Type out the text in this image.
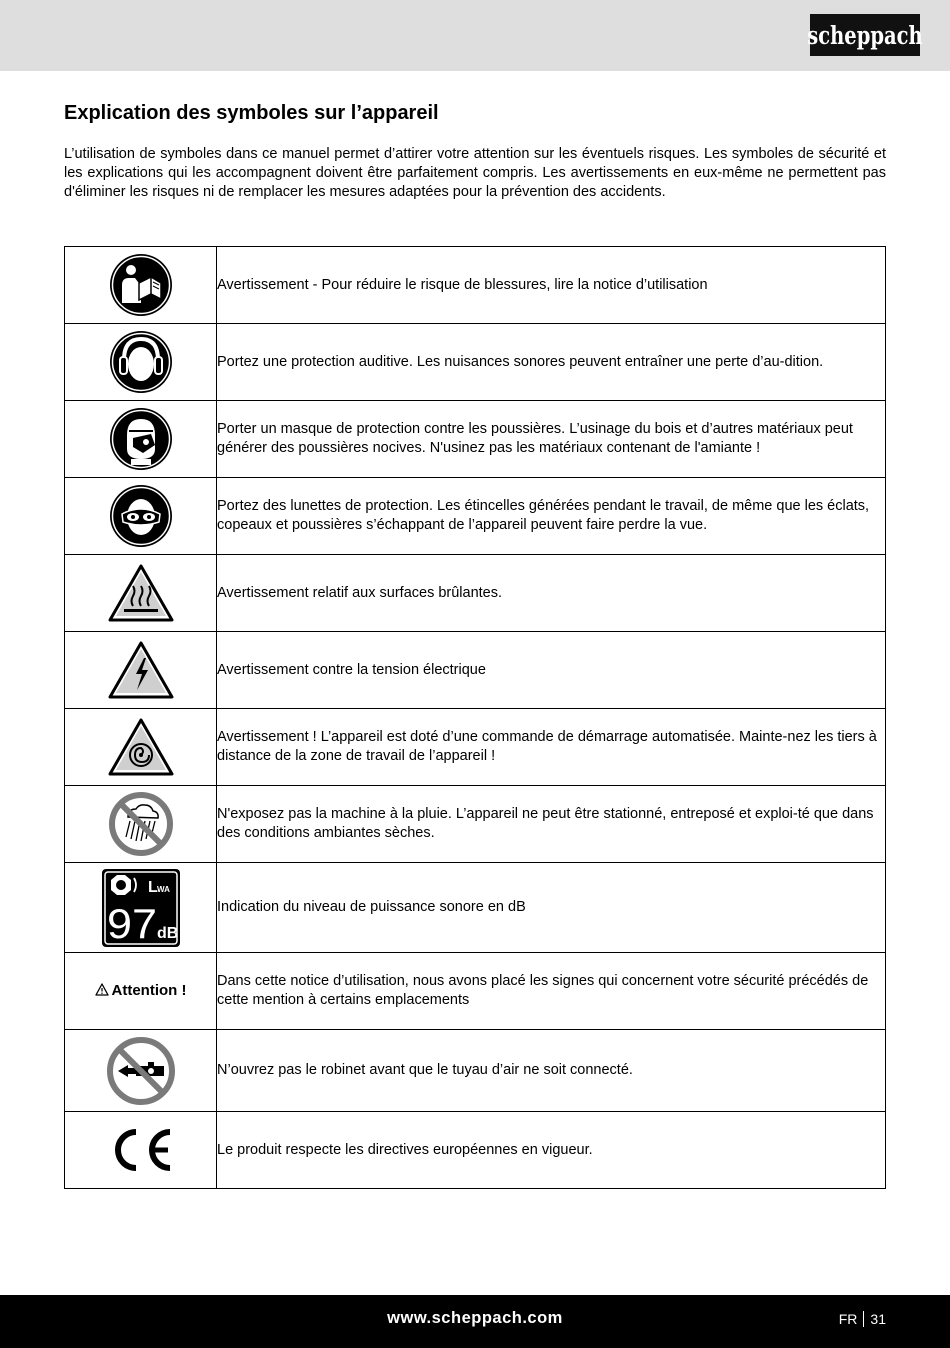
scheppach
Explication des symboles sur l’appareil

L’utilisation de symboles dans ce manuel permet d’attirer votre attention sur les éventuels risques. Les symboles de sécurité et les explications qui les accompagnent doivent être parfaitement compris. Les avertissements en eux-même ne permettent pas d'éliminer les risques ni de remplacer les mesures adaptées pour la prévention des accidents.

	Avertissement - Pour réduire le risque de blessures, lire la notice d’utilisation

	Portez une protection auditive. Les nuisances sonores peuvent entraîner une perte d’au-dition.

	Porter un masque de protection contre les poussières. L’usinage du bois et d’autres matériaux peut générer des poussières nocives. N'usinez pas les matériaux contenant de l'amiante !

	Portez des lunettes de protection. Les étincelles générées pendant le travail, de même que les éclats, copeaux et poussières s’échappant de l’appareil peuvent faire perdre la vue.

	Avertissement relatif aux surfaces brûlantes.

	Avertissement contre la tension électrique

	Avertissement ! L’appareil est doté d’une commande de démarrage automatisée. Mainte-nez les tiers à distance de la zone de travail de l’appareil !

	N'exposez pas la machine à la pluie. L’appareil ne peut être stationné, entreposé et exploi-té que dans des conditions ambiantes sèches.

L WA
97 dB	Indication du niveau de puissance sonore en dB
Attention !	Dans cette notice d’utilisation, nous avons placé les signes qui concernent votre sécurité précédés de cette mention à certains emplacements

	N’ouvrez pas le robinet avant que le tuyau d’air ne soit connecté.

	Le produit respecte les directives européennes en vigueur.
www.scheppach.com	FR 31
